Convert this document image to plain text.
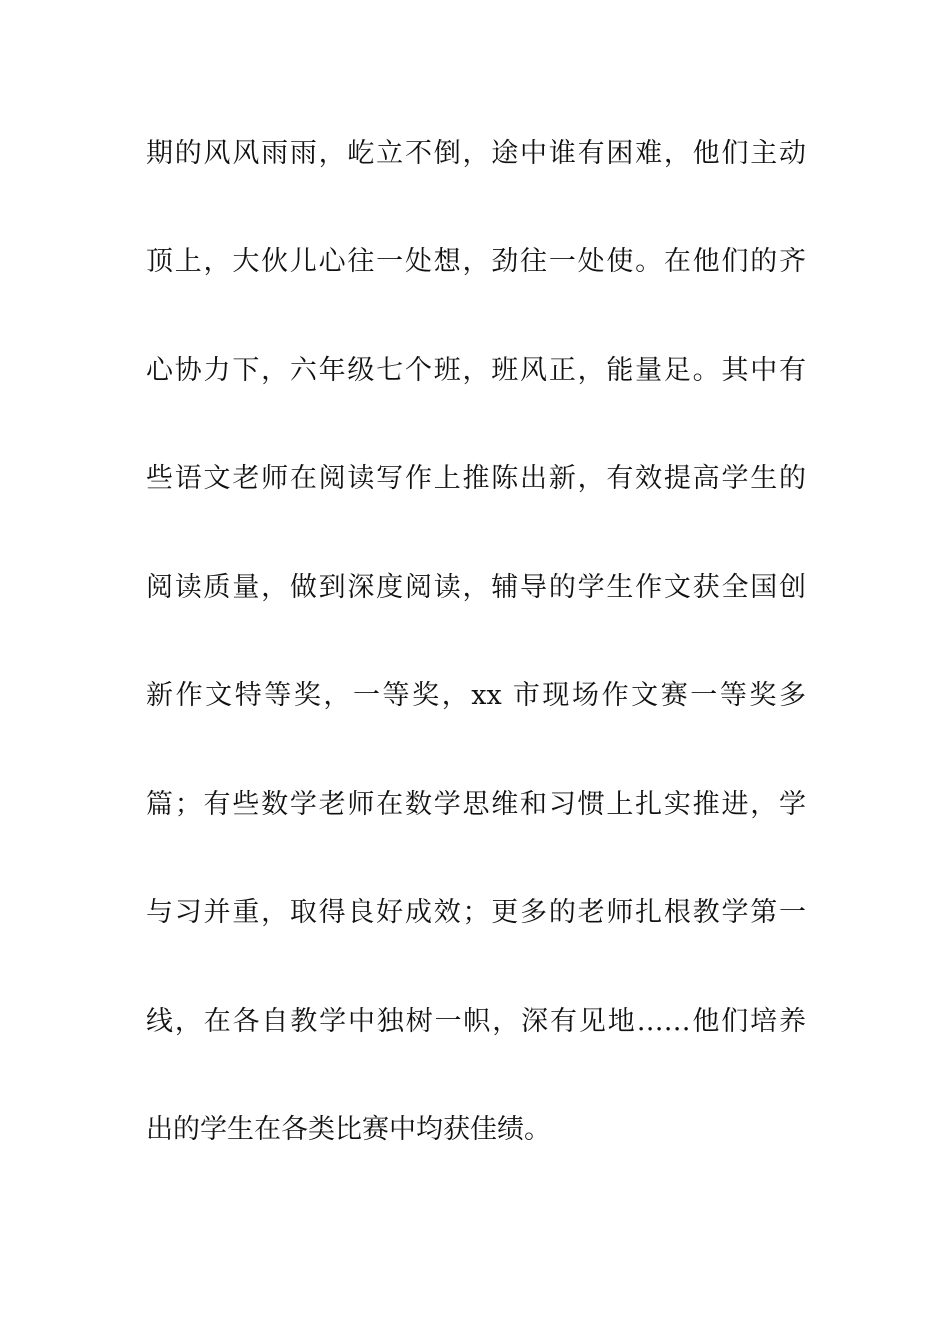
期的风风雨雨，屹立不倒，途中谁有困难，他们主动
顶上，大伙儿心往一处想，劲往一处使。在他们的齐
心协力下，六年级七个班，班风正，能量足。其中有
些语文老师在阅读写作上推陈出新，有效提高学生的
阅读质量，做到深度阅读，辅导的学生作文获全国创
新作文特等奖，一等奖，xx 市现场作文赛一等奖多
篇；有些数学老师在数学思维和习惯上扎实推进，学
与习并重，取得良好成效；更多的老师扎根教学第一
线，在各自教学中独树一帜，深有见地……他们培养
出的学生在各类比赛中均获佳绩。
